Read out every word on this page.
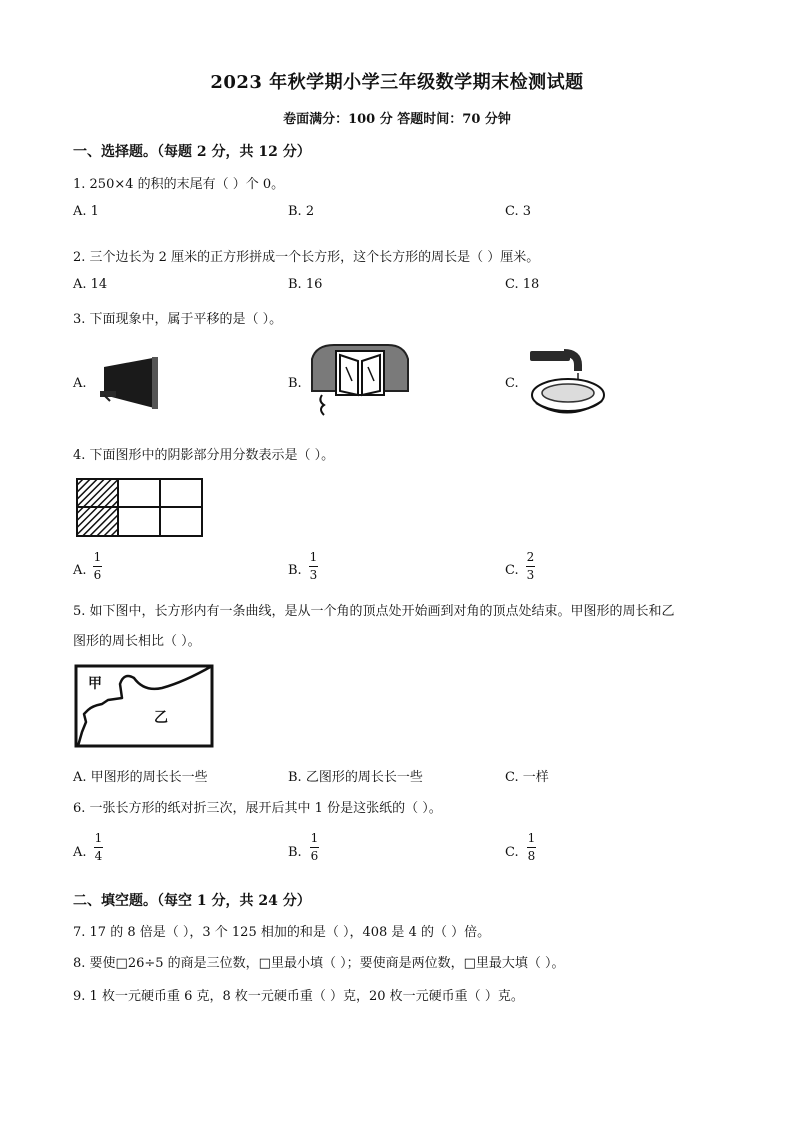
2023 年秋学期小学三年级数学期末检测试题
卷面满分：100 分 答题时间：70 分钟
一、选择题。（每题 2 分，共 12 分）
1. 250×4 的积的末尾有（ ）个 0。
A. 1	B. 2	C. 3
2. 三个边长为 2 厘米的正方形拼成一个长方形，这个长方形的周长是（ ）厘米。
A. 14	B. 16	C. 18
3. 下面现象中，属于平移的是（ ）。
A.	B.	C.
4. 下面图形中的阴影部分用分数表示是（ ）。
A.
1
6	B.
1
3	C.
2
3
5. 如下图中，长方形内有一条曲线，是从一个角的顶点处开始画到对角的顶点处结束。甲图形的周长和乙
图形的周长相比（ ）。
甲
乙
A. 甲图形的周长长一些	B. 乙图形的周长长一些	C. 一样
6. 一张长方形的纸对折三次，展开后其中 1 份是这张纸的（ ）。
A.
1
4	B.
1
6	C.
1
8
二、填空题。（每空 1 分，共 24 分）
7. 17 的 8 倍是（ ），3 个 125 相加的和是（ ），408 是 4 的（ ）倍。
8. 要使□26÷5 的商是三位数，□里最小填（ ）；要使商是两位数，□里最大填（ ）。
9. 1 枚一元硬币重 6 克，8 枚一元硬币重（ ）克，20 枚一元硬币重（ ）克。
